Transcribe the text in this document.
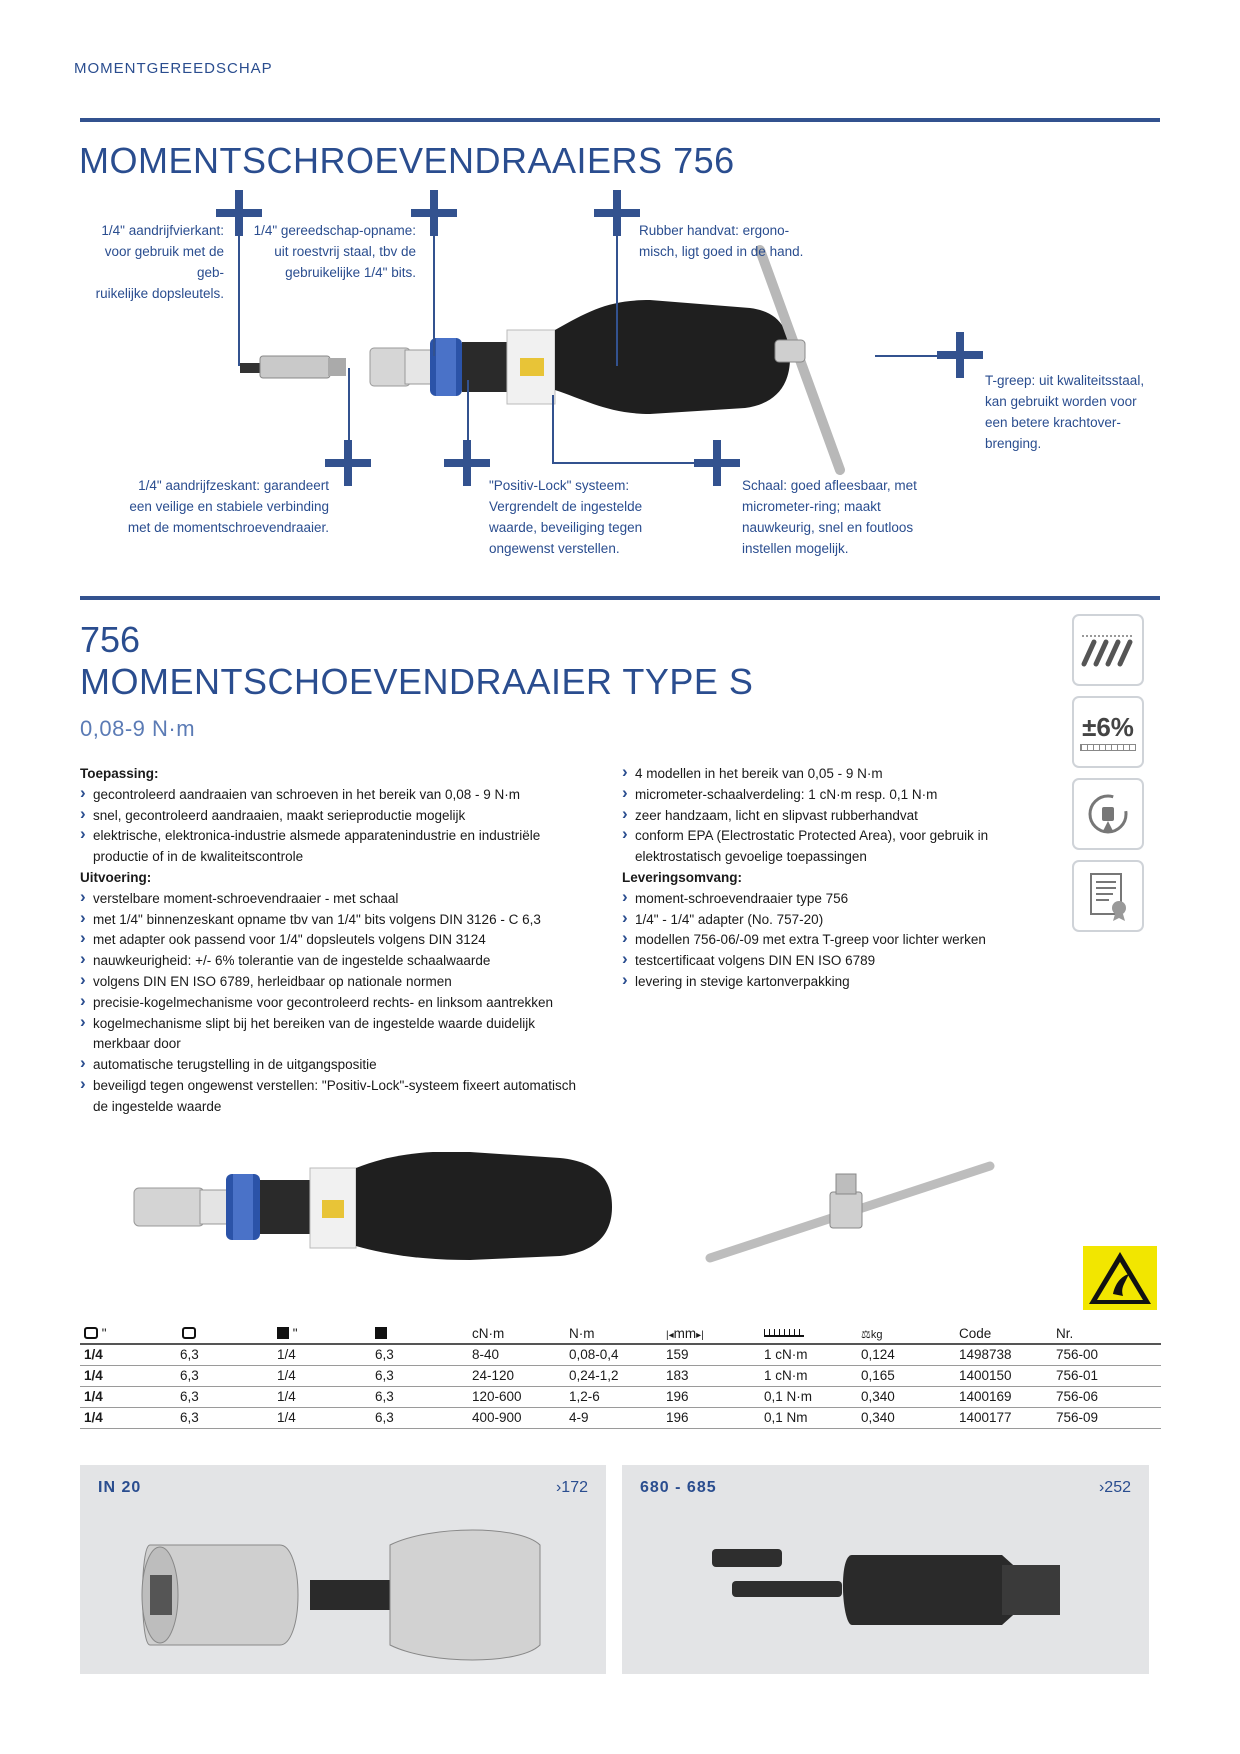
MOMENTGEREEDSCHAP
MOMENTSCHROEVENDRAAIERS 756
1/4" aandrijfvierkant:
voor gebruik met de geb-
ruikelijke dopsleutels.
1/4" gereedschap-opname:
uit roestvrij staal, tbv de
gebruikelijke 1/4" bits.
Rubber handvat: ergono-
misch, ligt goed in de hand.
T-greep: uit kwaliteitsstaal,
kan gebruikt worden voor
een betere krachtover-
brenging.
1/4" aandrijfzeskant: garandeert
een veilige en stabiele verbinding
met de momentschroevendraaier.
"Positiv-Lock" systeem:
Vergrendelt de ingestelde
waarde, beveiliging tegen
ongewenst verstellen.
Schaal: goed afleesbaar, met
micrometer-ring; maakt
nauwkeurig, snel en foutloos
instellen mogelijk.
756
MOMENTSCHOEVENDRAAIER TYPE S
0,08-9 N·m	±6%
Toepassing:
› gecontroleerd aandraaien van schroeven in het bereik van 0,08 - 9 N·m
› snel, gecontroleerd aandraaien, maakt serieproductie mogelijk
› elektrische, elektronica-industrie alsmede apparatenindustrie en industriële productie of in de kwaliteitscontrole
Uitvoering:
› verstelbare moment-schroevendraaier - met schaal
› met 1/4" binnenzeskant opname tbv van 1/4" bits volgens DIN 3126 - C 6,3
› met adapter ook passend voor 1/4" dopsleutels volgens DIN 3124
› nauwkeurigheid: +/- 6% tolerantie van de ingestelde schaalwaarde
› volgens DIN EN ISO 6789, herleidbaar op nationale normen
› precisie-kogelmechanisme voor gecontroleerd rechts- en linksom aantrekken
› kogelmechanisme slipt bij het bereiken van de ingestelde waarde duidelijk merkbaar door
› automatische terugstelling in de uitgangspositie
› beveiligd tegen ongewenst verstellen: "Positiv-Lock"-systeem fixeert automatisch de ingestelde waarde
› 4 modellen in het bereik van 0,05 - 9 N·m
› micrometer-schaalverdeling: 1 cN·m resp. 0,1 N·m
› zeer handzaam, licht en slipvast rubberhandvat
› conform EPA (Electrostatic Protected Area), voor gebruik in elektrostatisch gevoelige toepassingen
Leveringsomvang:
› moment-schroevendraaier type 756
› 1/4" - 1/4" adapter (No. 757-20)
› modellen 756-06/-09 met extra T-greep voor lichter werken
› testcertificaat volgens DIN EN ISO 6789
› levering in stevige kartonverpakking
"		"		cN·m	N·m	|◂mm▸|		⚖kg	Code	Nr.
1/4	6,3	1/4	6,3	8-40	0,08-0,4	159	1 cN·m	0,124	1498738	756-00
1/4	6,3	1/4	6,3	24-120	0,24-1,2	183	1 cN·m	0,165	1400150	756-01
1/4	6,3	1/4	6,3	120-600	1,2-6	196	0,1 N·m	0,340	1400169	756-06
1/4	6,3	1/4	6,3	400-900	4-9	196	0,1 Nm	0,340	1400177	756-09
IN 20	›172	680 - 685	›252
